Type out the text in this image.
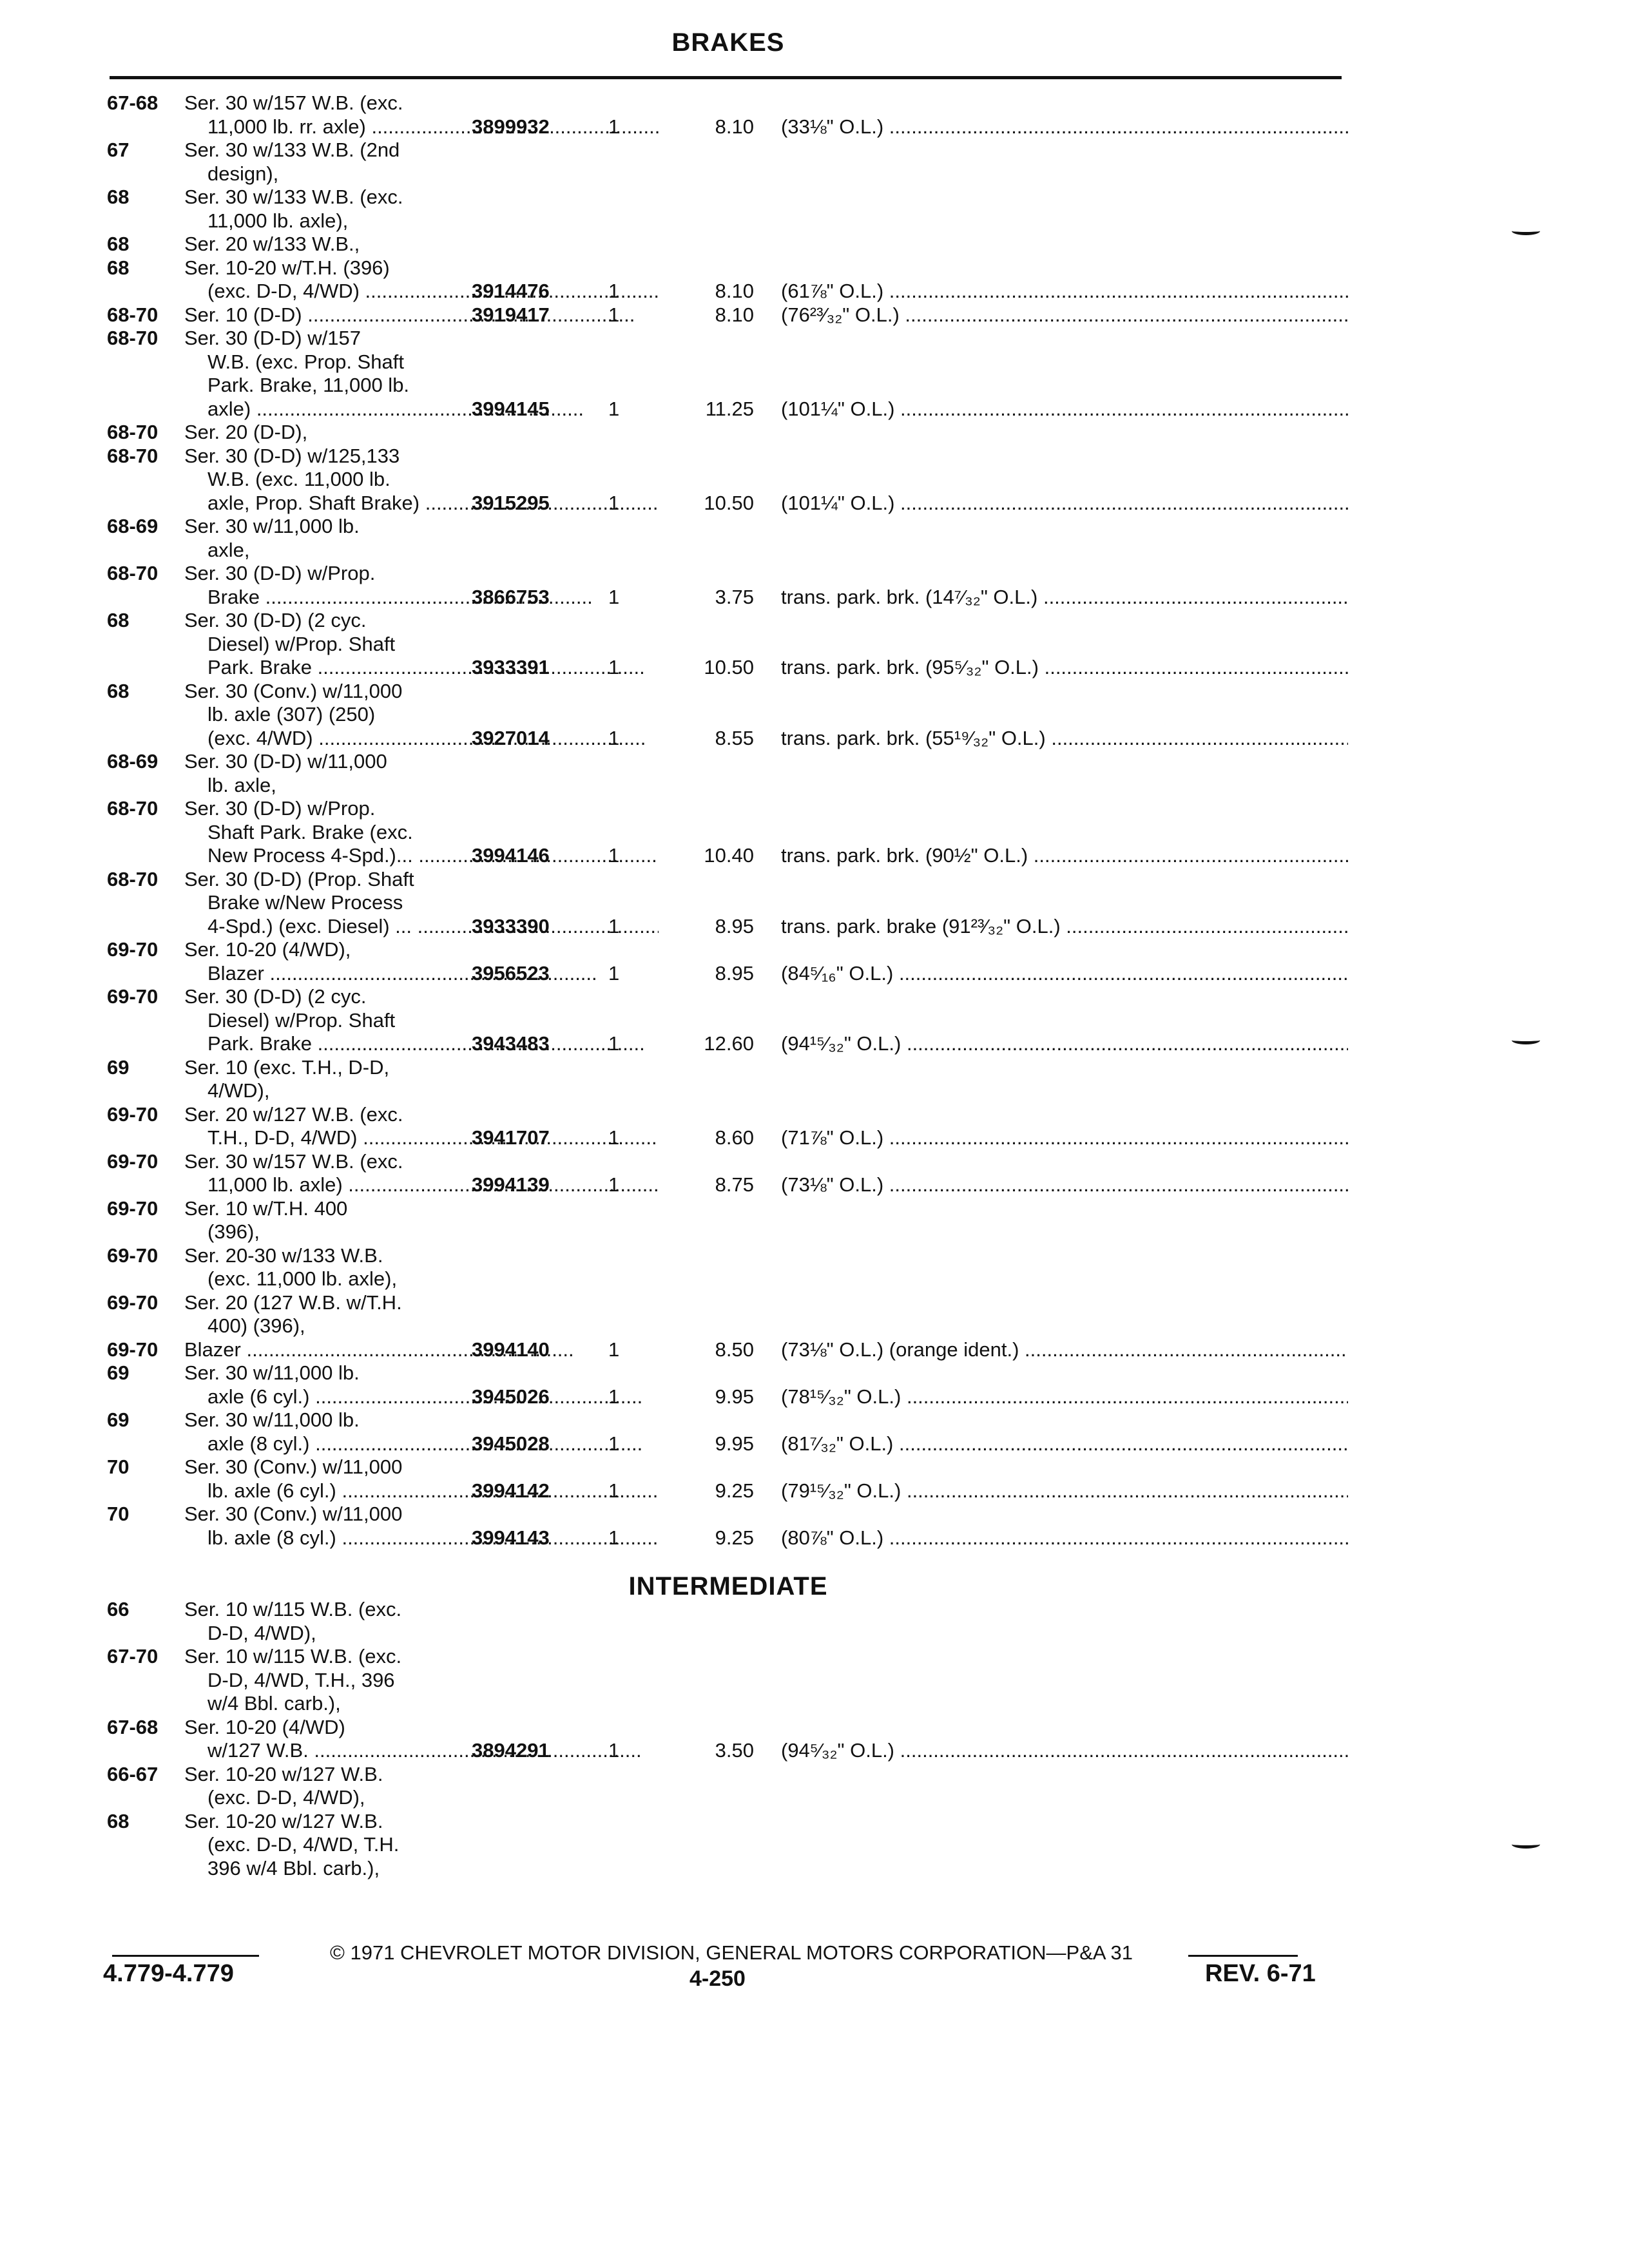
BRAKES
67-68	Ser. 30 w/157 W.B. (exc.
11,000 lb. rr. axle) .....	3899932	1	8.10 (33⅛" O.L.) .....
67	Ser. 30 w/133 W.B. (2nd
design),
68	Ser. 30 w/133 W.B. (exc.
11,000 lb. axle),
68	Ser. 20 w/133 W.B.,
68	Ser. 10-20 w/T.H. (396)
(exc. D-D, 4/WD) .....	3914476	1	8.10 (61⅞" O.L.) .....
68-70	Ser. 10 (D-D) .....	3919417	1	8.10 (76²³⁄₃₂" O.L.) .....
68-70	Ser. 30 (D-D) w/157
W.B. (exc. Prop. Shaft
Park. Brake, 11,000 lb.
axle) .....	3994145	1	11.25 (101¼" O.L.) .....
68-70	Ser. 20 (D-D),
68-70	Ser. 30 (D-D) w/125,133
W.B. (exc. 11,000 lb.
axle, Prop. Shaft Brake) .....	3915295	1	10.50 (101¼" O.L.) .....
68-69	Ser. 30 w/11,000 lb.
axle,
68-70	Ser. 30 (D-D) w/Prop.
Brake .....	3866753	1	3.75 trans. park. brk. (14⁷⁄₃₂" O.L.) .....
68	Ser. 30 (D-D) (2 cyc.
Diesel) w/Prop. Shaft
Park. Brake .....	3933391	1	10.50 trans. park. brk. (95⁵⁄₃₂" O.L.) .....
68	Ser. 30 (Conv.) w/11,000
lb. axle (307) (250)
(exc. 4/WD) .....	3927014	1	8.55 trans. park. brk. (55¹⁹⁄₃₂" O.L.) .....
68-69	Ser. 30 (D-D) w/11,000
lb. axle,
68-70	Ser. 30 (D-D) w/Prop.
Shaft Park. Brake (exc.
New Process 4-Spd.)... .....	3994146	1	10.40 trans. park. brk. (90½" O.L.) .....
68-70	Ser. 30 (D-D) (Prop. Shaft
Brake w/New Process
4-Spd.) (exc. Diesel) ... .....	3933390	1	8.95 trans. park. brake (91²³⁄₃₂" O.L.) .....
69-70	Ser. 10-20 (4/WD),
Blazer .....	3956523	1	8.95 (84⁵⁄₁₆" O.L.) .....
69-70	Ser. 30 (D-D) (2 cyc.
Diesel) w/Prop. Shaft
Park. Brake .....	3943483	1	12.60 (94¹⁵⁄₃₂" O.L.) .....
69	Ser. 10 (exc. T.H., D-D,
4/WD),
69-70	Ser. 20 w/127 W.B. (exc.
T.H., D-D, 4/WD) .....	3941707	1	8.60 (71⅞" O.L.) .....
69-70	Ser. 30 w/157 W.B. (exc.
11,000 lb. axle) .....	3994139	1	8.75 (73⅛" O.L.) .....
69-70	Ser. 10 w/T.H. 400
(396),
69-70	Ser. 20-30 w/133 W.B.
(exc. 11,000 lb. axle),
69-70	Ser. 20 (127 W.B. w/T.H.
400) (396),
69-70	Blazer .....	3994140	1	8.50 (73⅛" O.L.) (orange ident.) .....
69	Ser. 30 w/11,000 lb.
axle (6 cyl.) .....	3945026	1	9.95 (78¹⁵⁄₃₂" O.L.) .....
69	Ser. 30 w/11,000 lb.
axle (8 cyl.) .....	3945028	1	9.95 (81⁷⁄₃₂" O.L.) .....
70	Ser. 30 (Conv.) w/11,000
lb. axle (6 cyl.) .....	3994142	1	9.25 (79¹⁵⁄₃₂" O.L.) .....
70	Ser. 30 (Conv.) w/11,000
lb. axle (8 cyl.) .....	3994143	1	9.25 (80⅞" O.L.) .....
INTERMEDIATE
66	Ser. 10 w/115 W.B. (exc.
D-D, 4/WD),
67-70	Ser. 10 w/115 W.B. (exc.
D-D, 4/WD, T.H., 396
w/4 Bbl. carb.),
67-68	Ser. 10-20 (4/WD)
w/127 W.B. .....	3894291	1	3.50 (94⁵⁄₃₂" O.L.) .....
66-67	Ser. 10-20 w/127 W.B.
(exc. D-D, 4/WD),
68	Ser. 10-20 w/127 W.B.
(exc. D-D, 4/WD, T.H.
396 w/4 Bbl. carb.),
© 1971 CHEVROLET MOTOR DIVISION, GENERAL MOTORS CORPORATION—P&A 31
4.779-4.779	4-250	REV. 6-71
